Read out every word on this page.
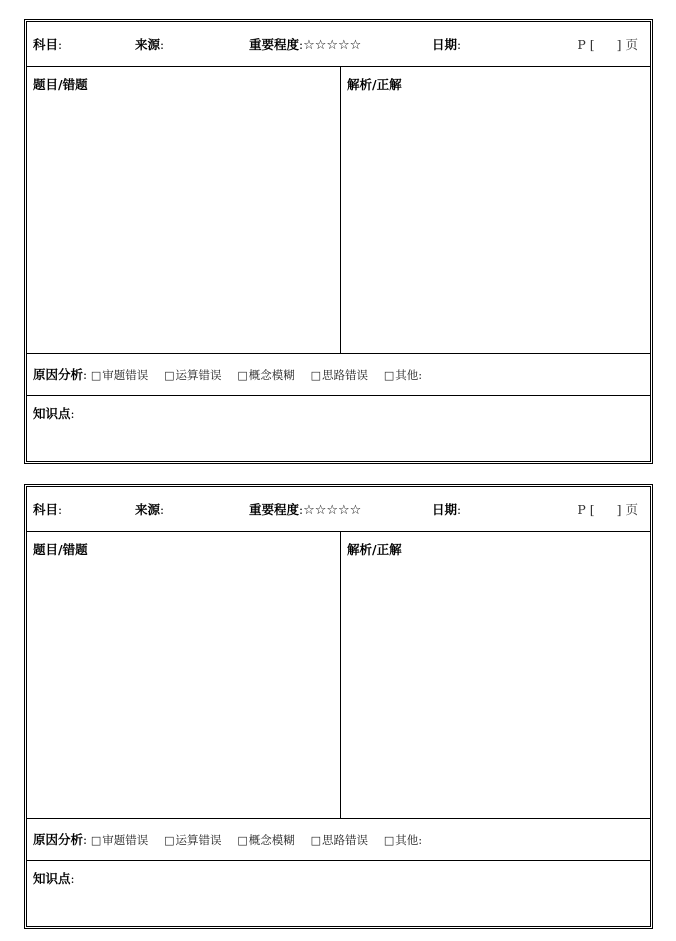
科目:	来源:	重要程度:☆☆☆☆☆	日期:	P [ ] 页
题目/错题	解析/正解
原因分析: □审题错误 □运算错误 □概念模糊 □思路错误 □其他:
知识点:
科目:	来源:	重要程度:☆☆☆☆☆	日期:	P [ ] 页
题目/错题	解析/正解
原因分析: □审题错误 □运算错误 □概念模糊 □思路错误 □其他:
知识点:
